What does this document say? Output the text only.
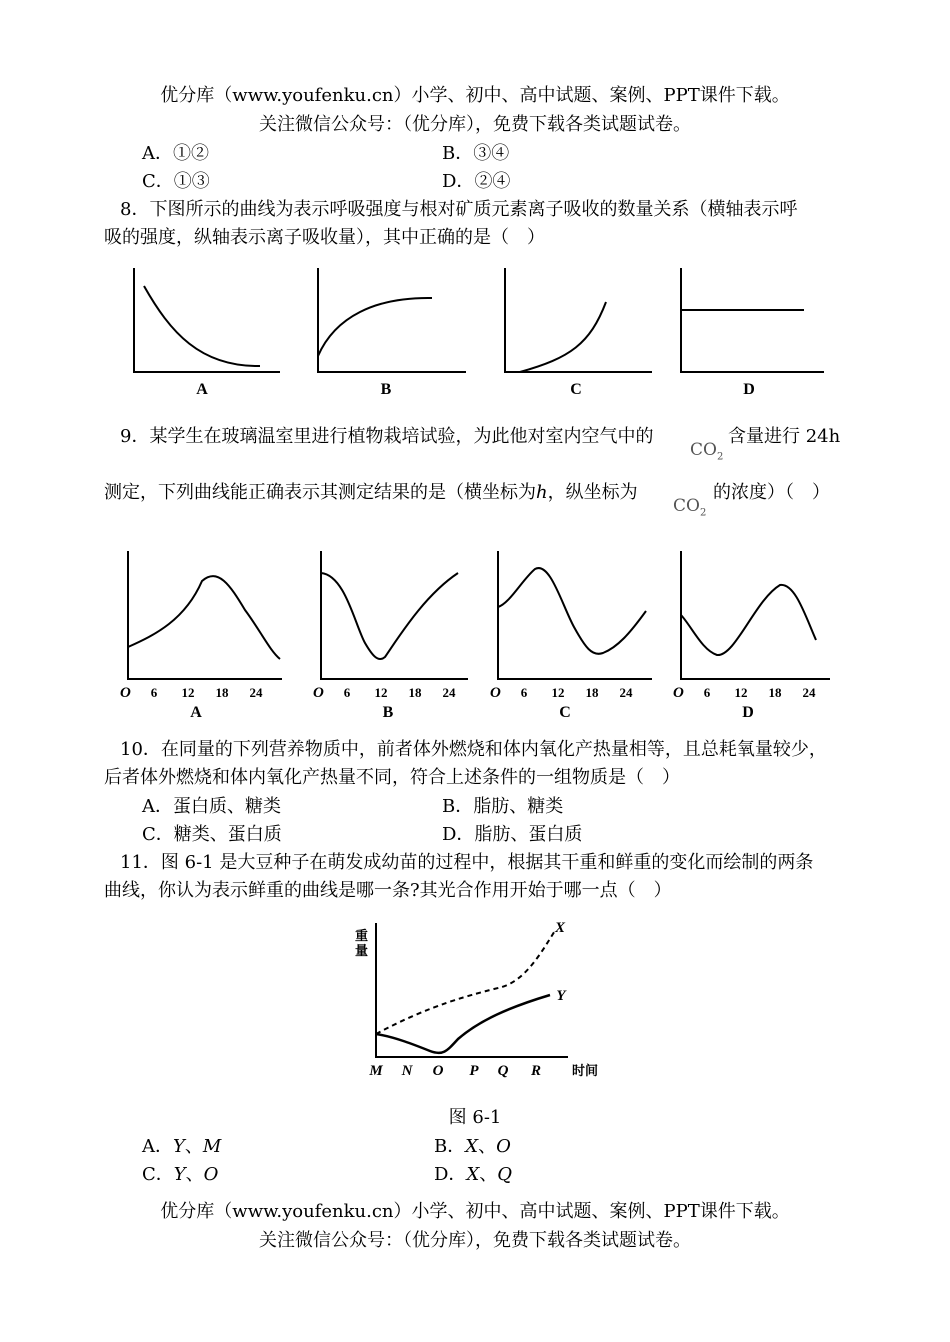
优分库（www.youfenku.cn）小学、初中、高中试题、案例、PPT课件下载。
关注微信公众号：（优分库），免费下载各类试题试卷。
A．①②	B．③④
C．①③	D．②④
8．下图所示的曲线为表示呼吸强度与根对矿质元素离子吸收的数量关系（横轴表示呼
吸的强度，纵轴表示离子吸收量），其中正确的是（　）
A	B	C	D
9．某学生在玻璃温室里进行植物栽培试验，为此他对室内空气中的
$CO_2$
含量进行 24h
测定，下列曲线能正确表示其测定结果的是（横坐标为h，纵坐标为
$CO_2$
的浓度）（　）
O	O	O	O
6 12 18 24	6 12 18 24	6 12 18 24	6 12 18 24
A	B	C	D
10．在同量的下列营养物质中，前者体外燃烧和体内氧化产热量相等，且总耗氧量较少，
后者体外燃烧和体内氧化产热量不同，符合上述条件的一组物质是（　）
A．蛋白质、糖类	B．脂肪、糖类
C．糖类、蛋白质	D．脂肪、蛋白质
11．图 6-1 是大豆种子在萌发成幼苗的过程中，根据其干重和鲜重的变化而绘制的两条
曲线，你认为表示鲜重的曲线是哪一条?其光合作用开始于哪一点（　）
重
量
时间
M N O P Q R
X
Y
图 6-1
A．Y、M	B．X、O
C．Y、O	D．X、Q
优分库（www.youfenku.cn）小学、初中、高中试题、案例、PPT课件下载。
关注微信公众号：（优分库），免费下载各类试题试卷。
